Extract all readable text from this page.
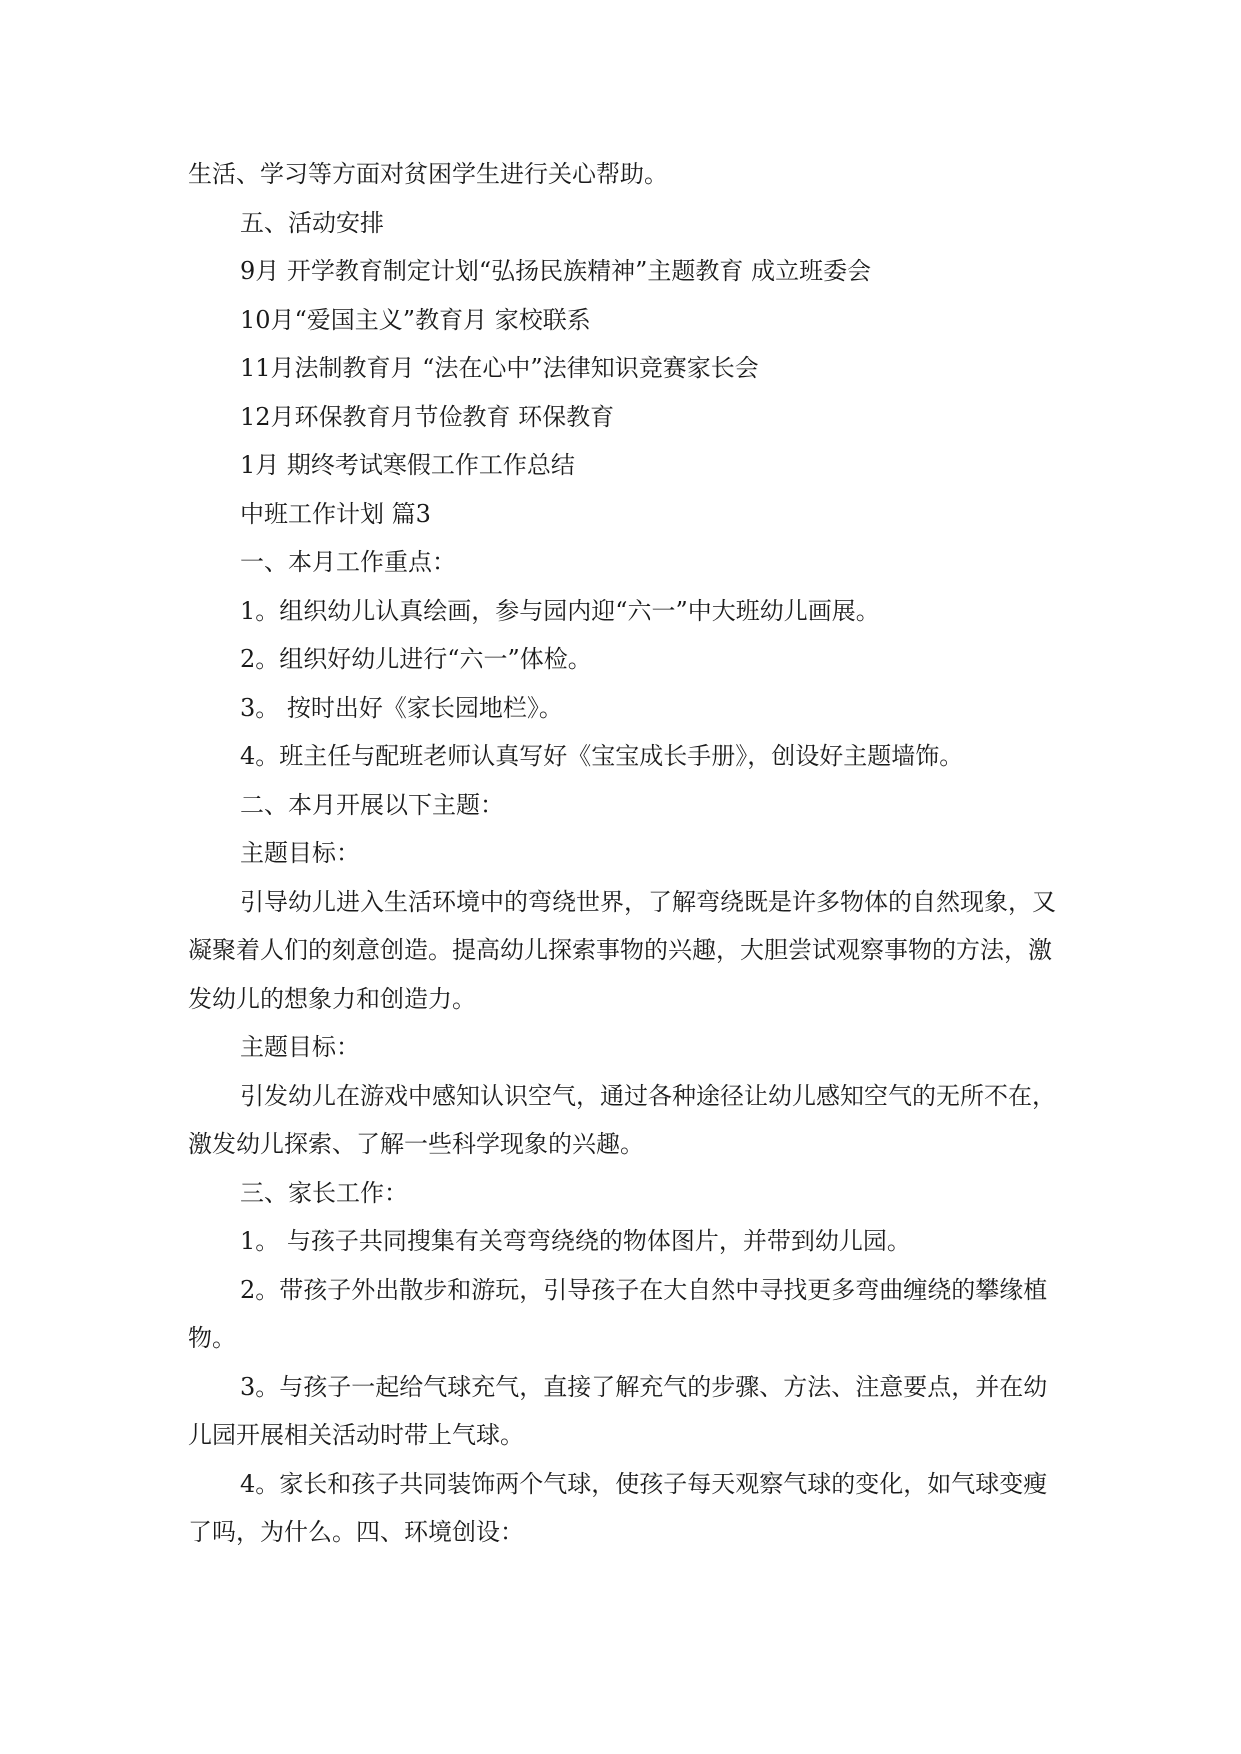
生活、学习等方面对贫困学生进行关心帮助。

五、活动安排

9月 开学教育制定计划“弘扬民族精神”主题教育 成立班委会

10月“爱国主义”教育月 家校联系

11月法制教育月 “法在心中”法律知识竞赛家长会

12月环保教育月节俭教育 环保教育

1月 期终考试寒假工作工作总结

中班工作计划 篇3

一、本月工作重点：

1。组织幼儿认真绘画，参与园内迎“六一”中大班幼儿画展。

2。组织好幼儿进行“六一”体检。

3。 按时出好《家长园地栏》。

4。班主任与配班老师认真写好《宝宝成长手册》，创设好主题墙饰。

二、本月开展以下主题：

主题目标：

引导幼儿进入生活环境中的弯绕世界，了解弯绕既是许多物体的自然现象，又凝聚着人们的刻意创造。提高幼儿探索事物的兴趣，大胆尝试观察事物的方法，激发幼儿的想象力和创造力。

主题目标：

引发幼儿在游戏中感知认识空气，通过各种途径让幼儿感知空气的无所不在，激发幼儿探索、了解一些科学现象的兴趣。

三、家长工作：

1。 与孩子共同搜集有关弯弯绕绕的物体图片，并带到幼儿园。

2。带孩子外出散步和游玩，引导孩子在大自然中寻找更多弯曲缠绕的攀缘植物。

3。与孩子一起给气球充气，直接了解充气的步骤、方法、注意要点，并在幼儿园开展相关活动时带上气球。

4。家长和孩子共同装饰两个气球，使孩子每天观察气球的变化，如气球变瘦了吗，为什么。四、环境创设：
